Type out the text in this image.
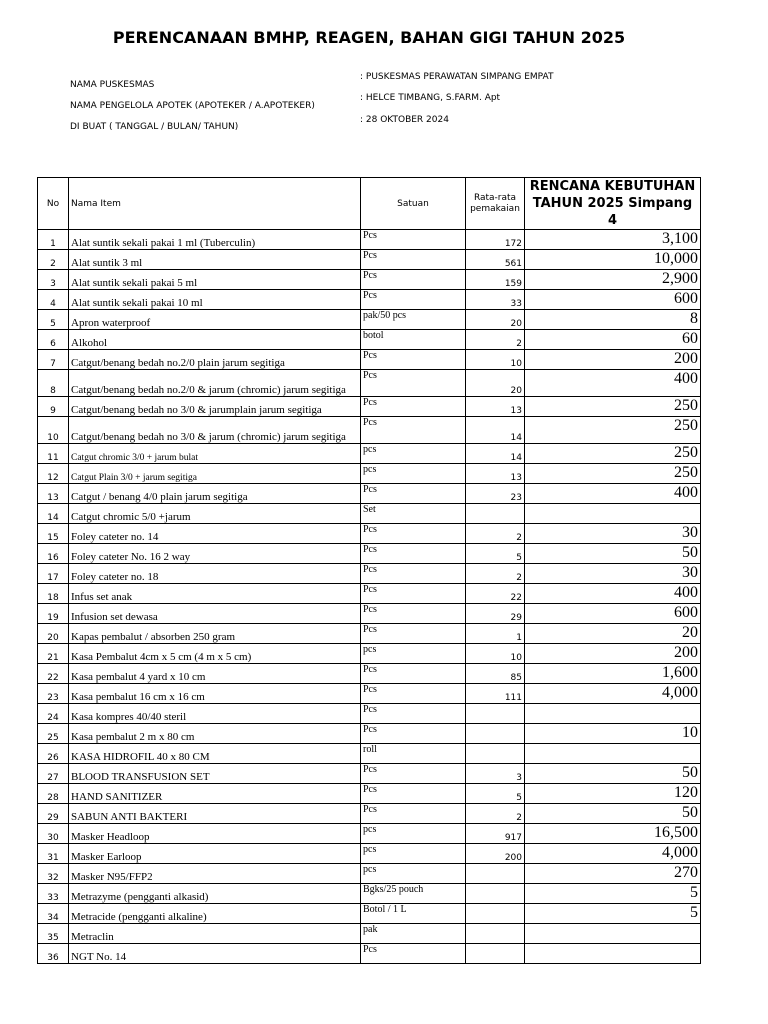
PERENCANAAN BMHP, REAGEN, BAHAN GIGI TAHUN 2025
NAMA PUSKESMAS
NAMA PENGELOLA APOTEK (APOTEKER / A.APOTEKER)
DI BUAT ( TANGGAL / BULAN/ TAHUN)
: PUSKESMAS PERAWATAN SIMPANG EMPAT
: HELCE TIMBANG, S.FARM. Apt
: 28 OKTOBER 2024
No	Nama Item	Satuan	Rata-rata pemakaian	RENCANA KEBUTUHAN TAHUN 2025 Simpang 4
1	Alat suntik sekali pakai 1 ml (Tuberculin)	Pcs	172	3,100
2	Alat suntik 3 ml	Pcs	561	10,000
3	Alat suntik sekali pakai 5 ml	Pcs	159	2,900
4	Alat suntik sekali pakai 10 ml	Pcs	33	600
5	Apron waterproof	pak/50 pcs	20	8
6	Alkohol	botol	2	60
7	Catgut/benang bedah no.2/0 plain jarum segitiga	Pcs	10	200
8	Catgut/benang bedah no.2/0 & jarum (chromic) jarum segitiga	Pcs	20	400
9	Catgut/benang bedah no 3/0 & jarumplain jarum segitiga	Pcs	13	250
10	Catgut/benang bedah no 3/0 & jarum (chromic) jarum segitiga	Pcs	14	250
11	Catgut chromic 3/0 + jarum bulat	pcs	14	250
12	Catgut Plain 3/0 + jarum segitiga	pcs	13	250
13	Catgut / benang 4/0 plain jarum segitiga	Pcs	23	400
14	Catgut chromic 5/0 +jarum	Set		
15	Foley cateter no. 14	Pcs	2	30
16	Foley cateter No. 16 2 way	Pcs	5	50
17	Foley cateter no. 18	Pcs	2	30
18	Infus set anak	Pcs	22	400
19	Infusion set dewasa	Pcs	29	600
20	Kapas pembalut / absorben 250 gram	Pcs	1	20
21	Kasa Pembalut 4cm x 5 cm (4 m x 5 cm)	pcs	10	200
22	Kasa pembalut 4 yard x 10 cm	Pcs	85	1,600
23	Kasa pembalut 16 cm x 16 cm	Pcs	111	4,000
24	Kasa kompres 40/40 steril	Pcs		
25	Kasa pembalut 2 m x 80 cm	Pcs		10
26	KASA HIDROFIL 40 x 80 CM	roll		
27	BLOOD TRANSFUSION SET	Pcs	3	50
28	HAND SANITIZER	Pcs	5	120
29	SABUN ANTI BAKTERI	Pcs	2	50
30	Masker Headloop	pcs	917	16,500
31	Masker Earloop	pcs	200	4,000
32	Masker N95/FFP2	pcs		270
33	Metrazyme (pengganti alkasid)	Bgks/25 pouch		5
34	Metracide (pengganti alkaline)	Botol / 1 L		5
35	Metraclin	pak		
36	NGT No. 14	Pcs		
